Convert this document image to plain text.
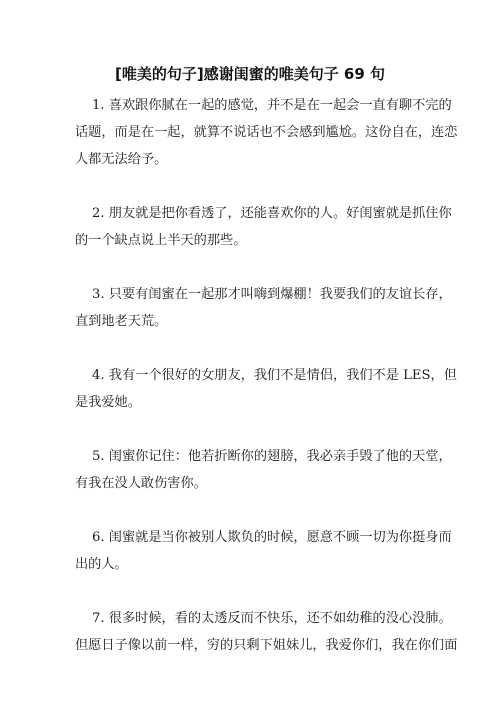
[唯美的句子]感谢闺蜜的唯美句子 69 句
1. 喜欢跟你腻在一起的感觉，并不是在一起会一直有聊不完的
话题，而是在一起，就算不说话也不会感到尴尬。这份自在，连恋
人都无法给予。
2. 朋友就是把你看透了，还能喜欢你的人。好闺蜜就是抓住你
的一个缺点说上半天的那些。
3. 只要有闺蜜在一起那才叫嗨到爆棚！我要我们的友谊长存，
直到地老天荒。
4. 我有一个很好的女朋友，我们不是情侣，我们不是 LES，但
是我爱她。
5. 闺蜜你记住：他若折断你的翅膀，我必亲手毁了他的天堂，
有我在没人敢伤害你。
6. 闺蜜就是当你被别人欺负的时候，愿意不顾一切为你挺身而
出的人。
7. 很多时候，看的太透反而不快乐，还不如幼稚的没心没肺。
但愿日子像以前一样，穷的只剩下姐妹儿，我爱你们，我在你们面
